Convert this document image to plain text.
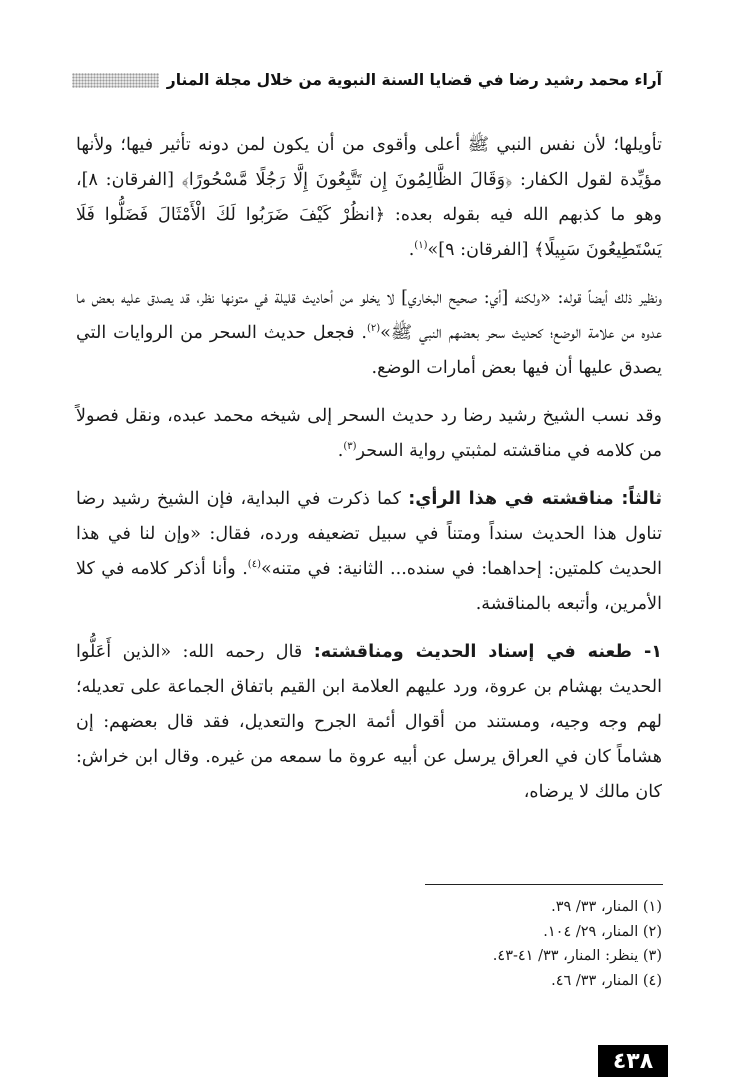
آراء محمد رشيد رضا في قضايا السنة النبوية من خلال مجلة المنار

تأويلها؛ لأن نفس النبي ﷺ أعلى وأقوى من أن يكون لمن دونه تأثير فيها؛ ولأنها مؤيِّدة لقول الكفار: ﴿وَقَالَ الظَّالِمُونَ إِن تَتَّبِعُونَ إِلَّا رَجُلًا مَّسْحُورًا﴾ [الفرقان: ٨]، وهو ما كذبهم الله فيه بقوله بعده: ﴿انظُرْ كَيْفَ ضَرَبُوا لَكَ الْأَمْثَالَ فَضَلُّوا فَلَا يَسْتَطِيعُونَ سَبِيلًا﴾ [الفرقان: ٩]»$^{(١)}$.

ونظير ذلك أيضاً قوله: «ولكنه [أي: صحيح البخاري] لا يخلو من أحاديث قليلة في متونها نظر، قد يصدق عليه بعض ما عدوه من علامة الوضع؛ كحديث سحر بعضهم النبي ﷺ»$^{(٢)}$. فجعل حديث السحر من الروايات التي يصدق عليها أن فيها بعض أمارات الوضع.

وقد نسب الشيخ رشيد رضا رد حديث السحر إلى شيخه محمد عبده، ونقل فصولاً من كلامه في مناقشته لمثبتي رواية السحر$^{(٣)}$.

ثالثاً: مناقشته في هذا الرأي: كما ذكرت في البداية، فإن الشيخ رشيد رضا تناول هذا الحديث سنداً ومتناً في سبيل تضعيفه ورده، فقال: «وإن لنا في هذا الحديث كلمتين: إحداهما: في سنده... الثانية: في متنه»$^{(٤)}$. وأنا أذكر كلامه في كلا الأمرين، وأتبعه بالمناقشة.

١- طعنه في إسناد الحديث ومناقشته: قال رحمه الله: «الذين أَعَلُّوا الحديث بهشام بن عروة، ورد عليهم العلامة ابن القيم باتفاق الجماعة على تعديله؛ لهم وجه وجيه، ومستند من أقوال أئمة الجرح والتعديل، فقد قال بعضهم: إن هشاماً كان في العراق يرسل عن أبيه عروة ما سمعه من غيره. وقال ابن خراش: كان مالك لا يرضاه،

(١) المنار، ٣٣/ ٣٩.
(٢) المنار، ٢٩/ ١٠٤.
(٣) ينظر: المنار، ٣٣/ ٤١-٤٣.
(٤) المنار، ٣٣/ ٤٦.
٤٣٨
